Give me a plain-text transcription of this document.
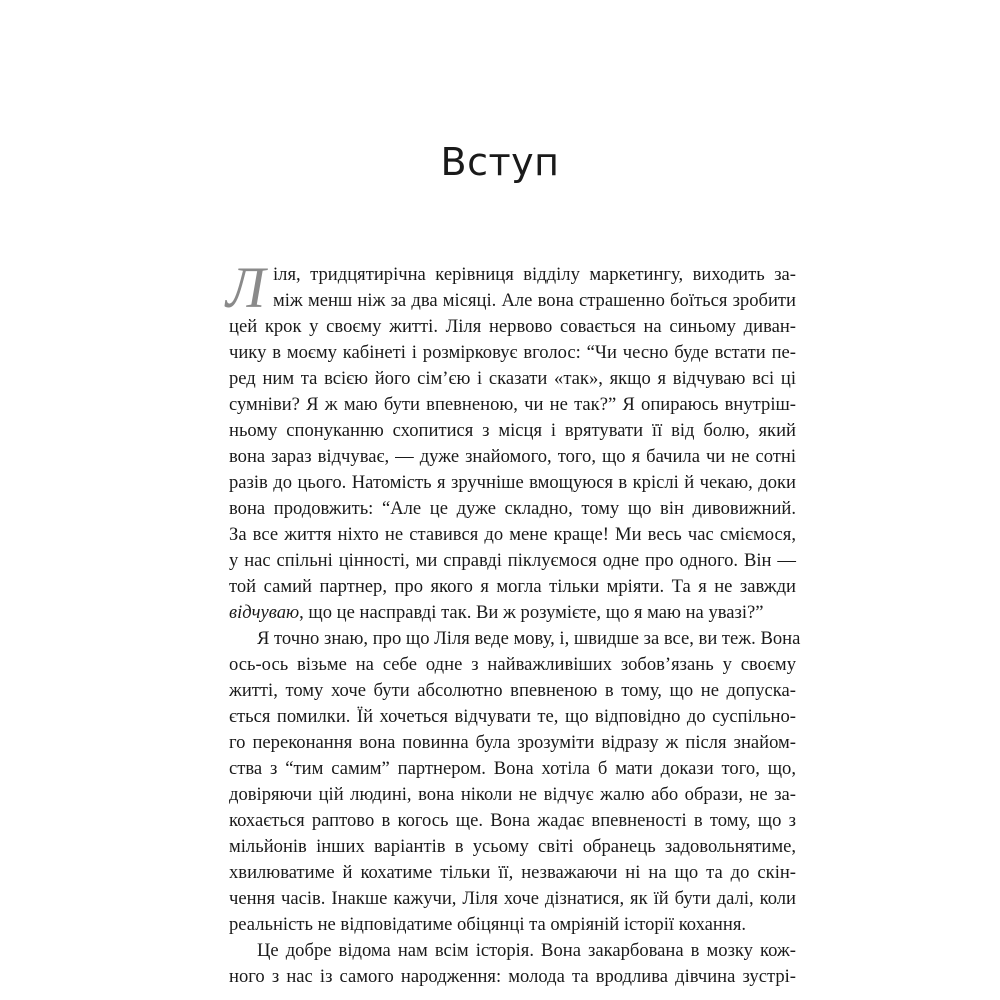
Вступ
Л іля, тридцятирічна керівниця відділу маркетингу, виходить за-
між менш ніж за два місяці. Але вона страшенно боїться зробити
цей крок у своєму житті. Ліля нервово совається на синьому диван-
чику в моєму кабінеті і розмірковує вголос: “Чи чесно буде встати пе-
ред ним та всією його сім’єю і сказати «так», якщо я відчуваю всі ці
сумніви? Я ж маю бути впевненою, чи не так?” Я опираюсь внутріш-
ньому спонуканню схопитися з місця і врятувати її від болю, який
вона зараз відчуває, — дуже знайомого, того, що я бачила чи не сотні
разів до цього. Натомість я зручніше вмощуюся в кріслі й чекаю, доки
вона продовжить: “Але це дуже складно, тому що він дивовижний.
За все життя ніхто не ставився до мене краще! Ми весь час сміємося,
у нас спільні цінності, ми справді піклуємося одне про одного. Він —
той самий партнер, про якого я могла тільки мріяти. Та я не завжди
відчуваю, що це насправді так. Ви ж розумієте, що я маю на увазі?”
Я точно знаю, про що Ліля веде мову, і, швидше за все, ви теж. Вона
ось-ось візьме на себе одне з найважливіших зобов’язань у своєму
житті, тому хоче бути абсолютно впевненою в тому, що не допуска-
ється помилки. Їй хочеться відчувати те, що відповідно до суспільно-
го переконання вона повинна була зрозуміти відразу ж після знайом-
ства з “тим самим” партнером. Вона хотіла б мати докази того, що,
довіряючи цій людині, вона ніколи не відчує жалю або образи, не за-
кохається раптово в когось ще. Вона жадає впевненості в тому, що з
мільйонів інших варіантів в усьому світі обранець задовольнятиме,
хвилюватиме й кохатиме тільки її, незважаючи ні на що та до скін-
чення часів. Інакше кажучи, Ліля хоче дізнатися, як їй бути далі, коли
реальність не відповідатиме обіцянці та омріяній історії кохання.
Це добре відома нам всім історія. Вона закарбована в мозку кож-
ного з нас із самого народження: молода та вродлива дівчина зустрі-
